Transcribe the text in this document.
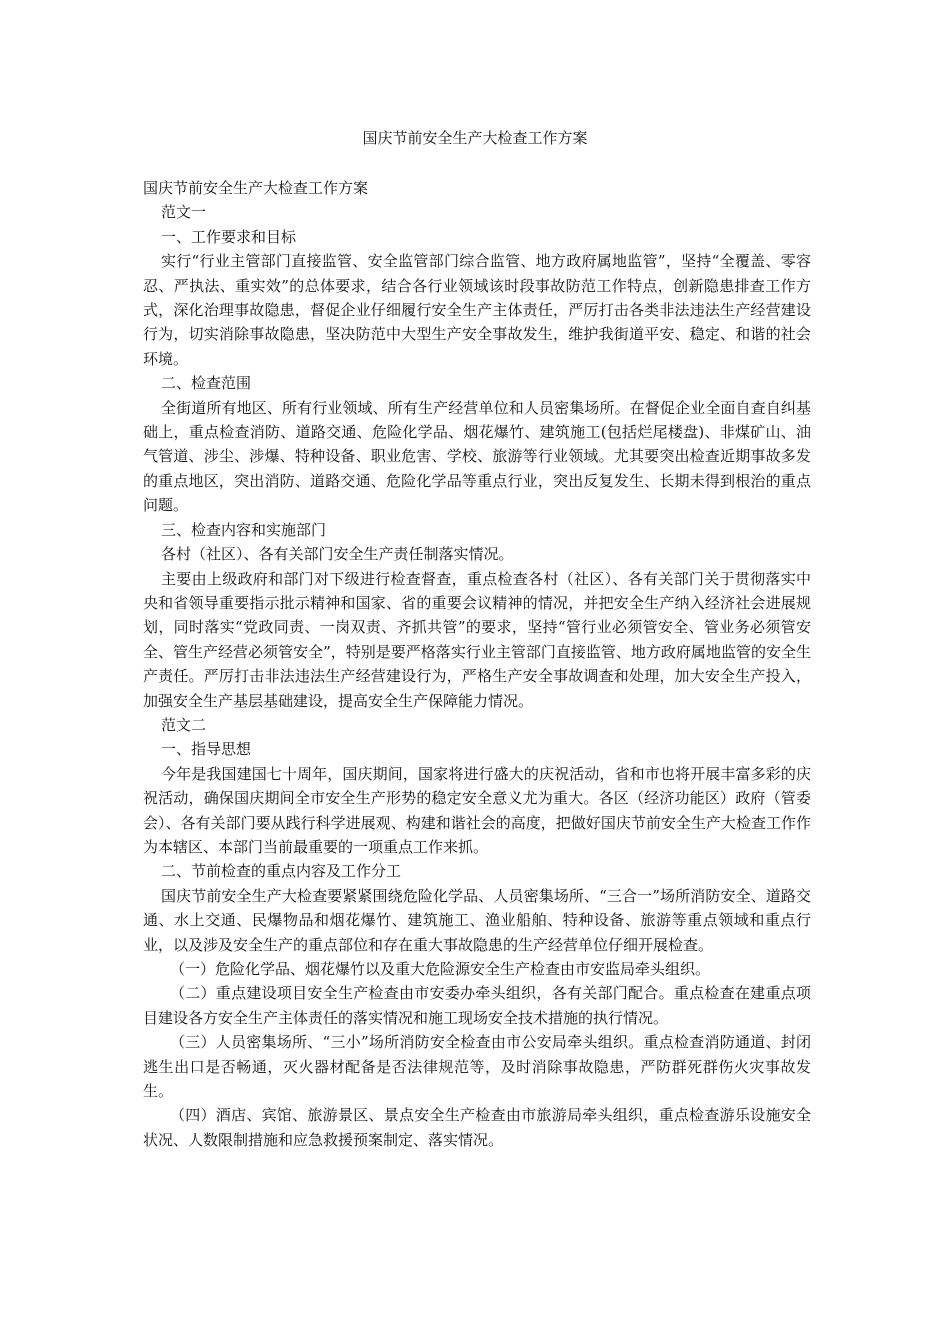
国庆节前安全生产大检查工作方案

国庆节前安全生产大检查工作方案

范文一

一、工作要求和目标

实行“行业主管部门直接监管、安全监管部门综合监管、地方政府属地监管”，坚持“全覆盖、零容忍、严执法、重实效”的总体要求，结合各行业领域该时段事故防范工作特点，创新隐患排查工作方式，深化治理事故隐患，督促企业仔细履行安全生产主体责任，严厉打击各类非法违法生产经营建设行为，切实消除事故隐患，坚决防范中大型生产安全事故发生，维护我街道平安、稳定、和谐的社会环境。

二、检查范围

全街道所有地区、所有行业领域、所有生产经营单位和人员密集场所。在督促企业全面自查自纠基础上，重点检查消防、道路交通、危险化学品、烟花爆竹、建筑施工(包括烂尾楼盘)、非煤矿山、油气管道、涉尘、涉爆、特种设备、职业危害、学校、旅游等行业领域。尤其要突出检查近期事故多发的重点地区，突出消防、道路交通、危险化学品等重点行业，突出反复发生、长期未得到根治的重点问题。

三、检查内容和实施部门

各村（社区）、各有关部门安全生产责任制落实情况。

主要由上级政府和部门对下级进行检查督查，重点检查各村（社区）、各有关部门关于贯彻落实中央和省领导重要指示批示精神和国家、省的重要会议精神的情况，并把安全生产纳入经济社会进展规划，同时落实“党政同责、一岗双责、齐抓共管”的要求，坚持“管行业必须管安全、管业务必须管安全、管生产经营必须管安全”，特别是要严格落实行业主管部门直接监管、地方政府属地监管的安全生产责任。严厉打击非法违法生产经营建设行为，严格生产安全事故调查和处理，加大安全生产投入，加强安全生产基层基础建设，提高安全生产保障能力情况。

范文二

一、指导思想

今年是我国建国七十周年，国庆期间，国家将进行盛大的庆祝活动，省和市也将开展丰富多彩的庆祝活动，确保国庆期间全市安全生产形势的稳定安全意义尤为重大。各区（经济功能区）政府（管委会）、各有关部门要从践行科学进展观、构建和谐社会的高度，把做好国庆节前安全生产大检查工作作为本辖区、本部门当前最重要的一项重点工作来抓。

二、节前检查的重点内容及工作分工

国庆节前安全生产大检查要紧紧围绕危险化学品、人员密集场所、“三合一”场所消防安全、道路交通、水上交通、民爆物品和烟花爆竹、建筑施工、渔业船舶、特种设备、旅游等重点领域和重点行业，以及涉及安全生产的重点部位和存在重大事故隐患的生产经营单位仔细开展检查。

（一）危险化学品、烟花爆竹以及重大危险源安全生产检查由市安监局牵头组织。

（二）重点建设项目安全生产检查由市安委办牵头组织，各有关部门配合。重点检查在建重点项目建设各方安全生产主体责任的落实情况和施工现场安全技术措施的执行情况。

（三）人员密集场所、“三小”场所消防安全检查由市公安局牵头组织。重点检查消防通道、封闭逃生出口是否畅通，灭火器材配备是否法律规范等，及时消除事故隐患，严防群死群伤火灾事故发生。

（四）酒店、宾馆、旅游景区、景点安全生产检查由市旅游局牵头组织，重点检查游乐设施安全状况、人数限制措施和应急救援预案制定、落实情况。
